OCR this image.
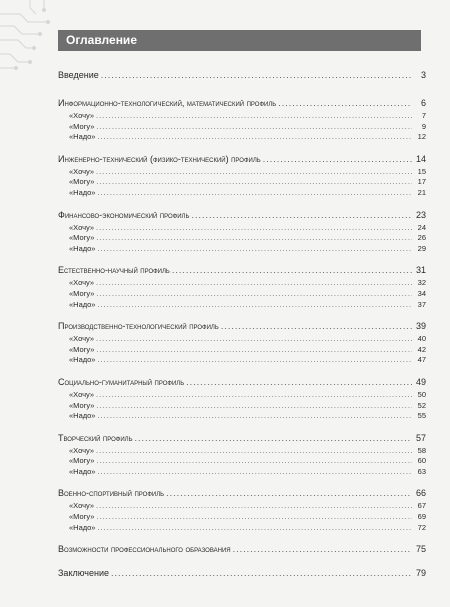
Оглавление
Введение .....	3
Информационно-технологический, математический профиль .....	6
«Хочу» .....	7
«Могу» .....	9
«Надо» .....	12
Инженерно-технический (физико-технический) профиль .....	14
«Хочу» .....	15
«Могу» .....	17
«Надо» .....	21
Финансово-экономический профиль .....	23
«Хочу» .....	24
«Могу» .....	26
«Надо» .....	29
Естественно-научный профиль .....	31
«Хочу» .....	32
«Могу» .....	34
«Надо» .....	37
Производственно-технологический профиль .....	39
«Хочу» .....	40
«Могу» .....	42
«Надо» .....	47
Социально-гуманитарный профиль .....	49
«Хочу» .....	50
«Могу» .....	52
«Надо» .....	55
Творческий профиль .....	57
«Хочу» .....	58
«Могу» .....	60
«Надо» .....	63
Военно-спортивный профиль .....	66
«Хочу» .....	67
«Могу» .....	69
«Надо» .....	72
Возможности профессионального образования .....	75
Заключение .....	79
